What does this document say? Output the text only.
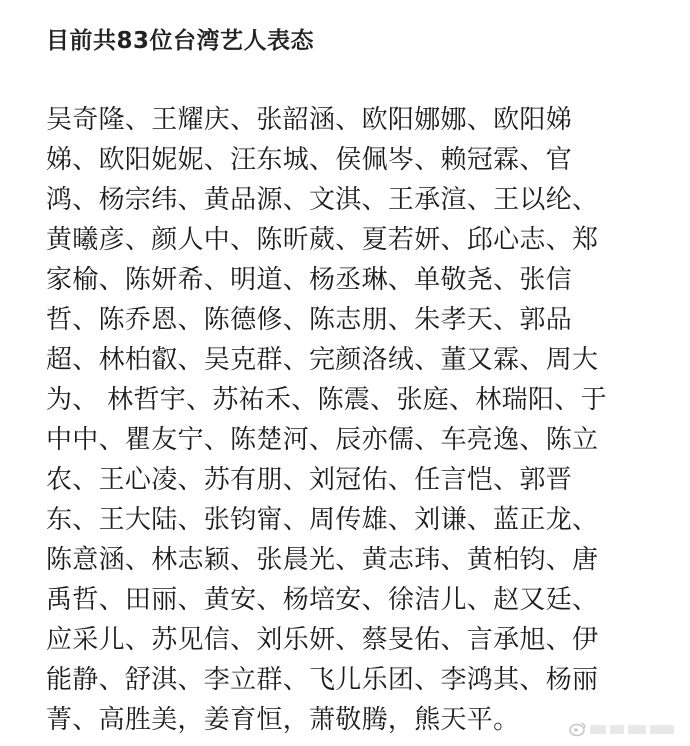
目前共83位台湾艺人表态
吴奇隆、王耀庆、张韶涵、欧阳娜娜、欧阳娣
娣、欧阳妮妮、汪东城、侯佩岑、赖冠霖、官
鸿、杨宗纬、黄品源、文淇、王承渲、王以纶、
黄曦彦、颜人中、陈昕葳、夏若妍、邱心志、郑
家榆、陈妍希、明道、杨丞琳、单敬尧、张信
哲、陈乔恩、陈德修、陈志朋、朱孝天、郭品
超、林柏叡、吴克群、完颜洛绒、董又霖、周大
为、 林哲宇、苏祐禾、陈震、张庭、林瑞阳、于
中中、瞿友宁、陈楚河、辰亦儒、车亮逸、陈立
农、王心凌、苏有朋、刘冠佑、任言恺、郭晋
东、王大陆、张钧甯、周传雄、刘谦、蓝正龙、
陈意涵、林志颖、张晨光、黄志玮、黄柏钧、唐
禹哲、田丽、黄安、杨培安、徐洁儿、赵又廷、
应采儿、苏见信、刘乐妍、蔡旻佑、言承旭、伊
能静、舒淇、李立群、飞儿乐团、李鸿其、杨丽
菁、高胜美，姜育恒，萧敬腾，熊天平。
